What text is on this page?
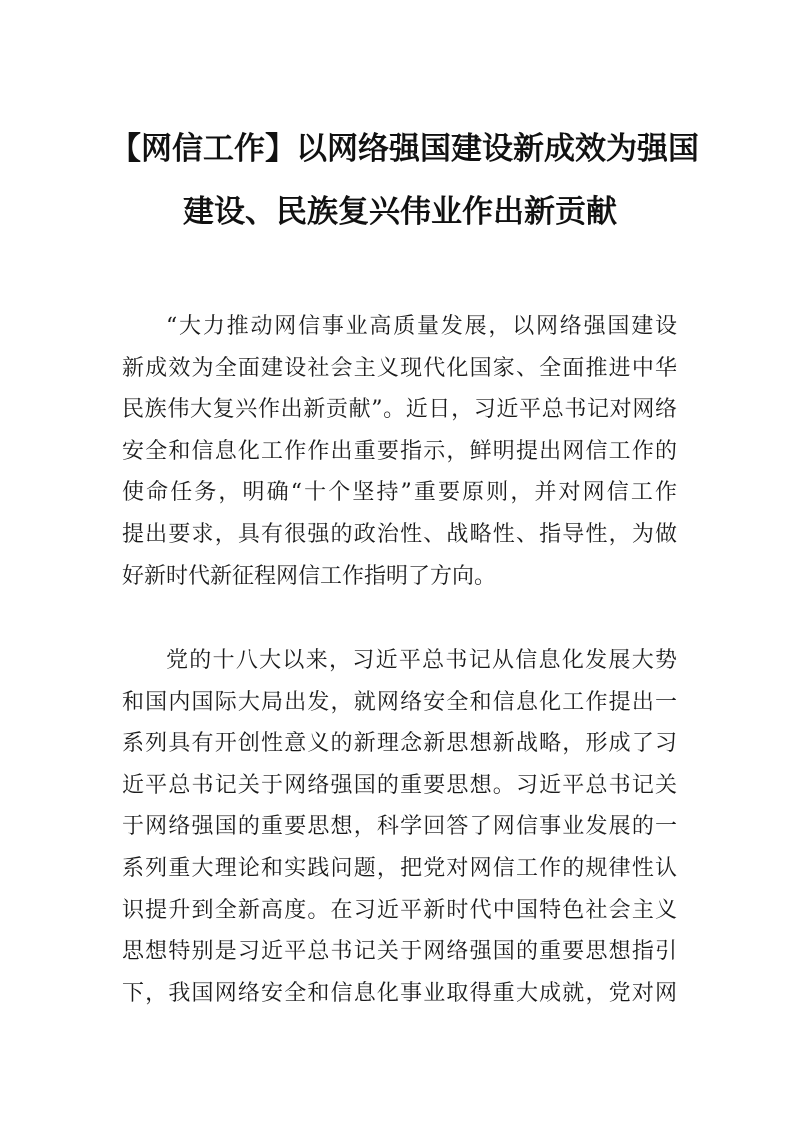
【网信工作】以网络强国建设新成效为强国
建设、民族复兴伟业作出新贡献
“大力推动网信事业高质量发展，以网络强国建设
新成效为全面建设社会主义现代化国家、全面推进中华
民族伟大复兴作出新贡献”。近日，习近平总书记对网络
安全和信息化工作作出重要指示，鲜明提出网信工作的
使命任务，明确“十个坚持”重要原则，并对网信工作
提出要求，具有很强的政治性、战略性、指导性，为做
好新时代新征程网信工作指明了方向。
党的十八大以来，习近平总书记从信息化发展大势
和国内国际大局出发，就网络安全和信息化工作提出一
系列具有开创性意义的新理念新思想新战略，形成了习
近平总书记关于网络强国的重要思想。习近平总书记关
于网络强国的重要思想，科学回答了网信事业发展的一
系列重大理论和实践问题，把党对网信工作的规律性认
识提升到全新高度。在习近平新时代中国特色社会主义
思想特别是习近平总书记关于网络强国的重要思想指引
下，我国网络安全和信息化事业取得重大成就，党对网
